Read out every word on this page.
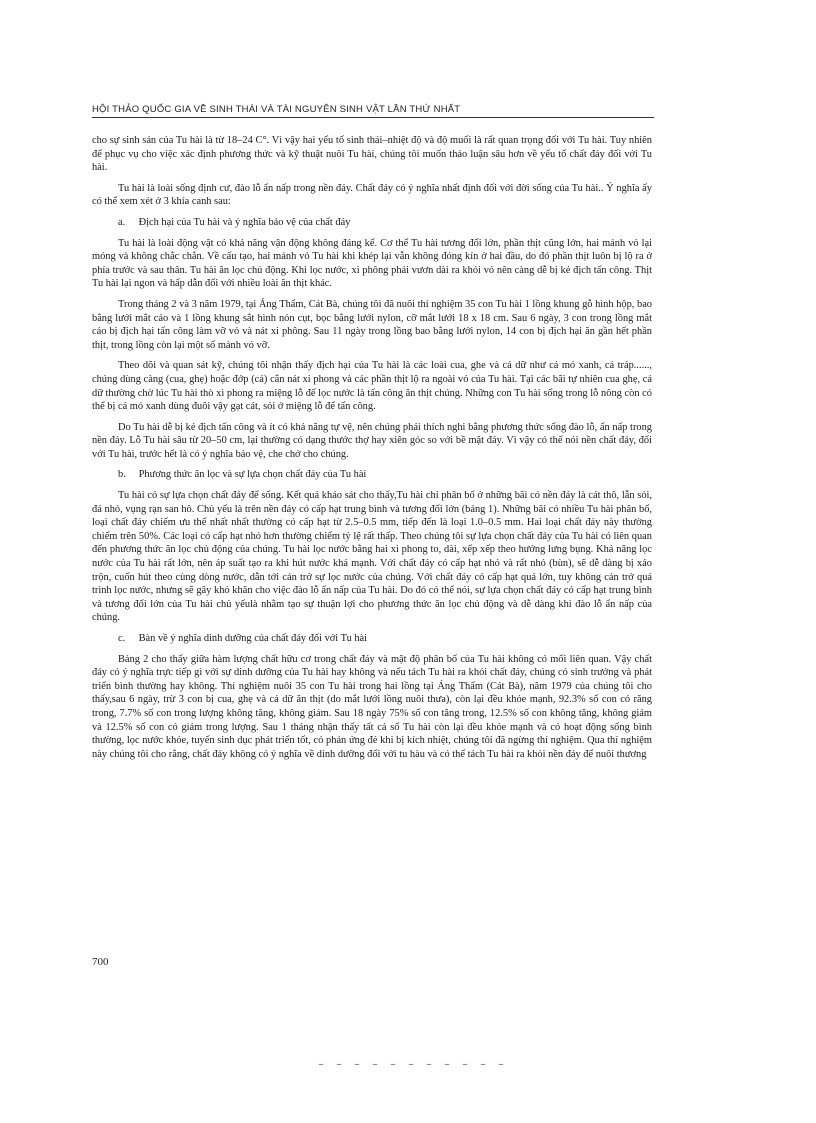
HỘI THẢO QUỐC GIA VỀ SINH THÁI VÀ TÀI NGUYÊN SINH VẬT LẦN THỨ NHẤT

cho sự sinh sản của Tu hài là từ 18–24 C°. Vì vậy hai yếu tố sinh thái–nhiệt độ và độ muối là rất quan trọng đối với Tu hài. Tuy nhiên để phục vụ cho việc xác định phương thức và kỹ thuật nuôi Tu hài, chúng tôi muốn thảo luận sâu hơn về yếu tố chất đáy đối với Tu hài.

Tu hài là loài sống định cư, đào lỗ ẩn nấp trong nền đáy. Chất đáy có ý nghĩa nhất định đối với đời sống của Tu hài.. Ý nghĩa ấy có thể xem xét ở 3 khía canh sau:

a. Địch hại của Tu hài và ý nghĩa bảo vệ của chất đáy

Tu hài là loài động vật có khả năng vận động không đáng kể. Cơ thể Tu hài tương đối lớn, phần thịt cũng lớn, hai mảnh vỏ lại mỏng và không chắc chắn. Về cấu tạo, hai mảnh vỏ Tu hài khi khép lại vẫn không đóng kín ở hai đầu, do đó phần thịt luôn bị lộ ra ở phía trước và sau thân. Tu hài ăn lọc chủ động. Khi lọc nước, xi phông phải vươn dài ra khỏi vỏ nên càng dễ bị kẻ địch tấn công. Thịt Tu hài lại ngon và hấp dẫn đối với nhiều loài ăn thịt khác.

Trong tháng 2 và 3 năm 1979, tại Áng Thẩm, Cát Bà, chúng tôi đã nuôi thí nghiệm 35 con Tu hài 1 lồng khung gỗ hình hộp, bao bằng lưới mắt cáo và 1 lồng khung sắt hình nón cụt, bọc bằng lưới nylon, cỡ mắt lưới 18 x 18 cm. Sau 6 ngày, 3 con trong lồng mắt cáo bị địch hại tấn công làm vỡ vỏ và nát xi phông. Sau 11 ngày trong lồng bao bằng lưới nylon, 14 con bị địch hại ăn gần hết phần thịt, trong lồng còn lại một số mảnh vỏ vỡ.

Theo dõi và quan sát kỹ, chúng tôi nhận thấy địch hại của Tu hài là các loài cua, ghe và cá dữ như cá mó xanh, cá tráp......, chúng dùng càng (cua, ghẹ) hoặc đớp (cá) cắn nát xi phong và các phần thịt lộ ra ngoài vỏ của Tu hài. Tại các bãi tự nhiên cua ghẹ, cá dữ thường chờ lúc Tu hài thò xi phong ra miệng lỗ để lọc nước là tấn công ăn thịt chúng. Những con Tu hài sống trong lỗ nông còn có thể bị cá mó xanh dùng đuôi vậy gạt cát, sỏi ở miệng lỗ để tấn công.

Do Tu hài dễ bị kẻ địch tấn công và ít có khả năng tự vệ, nên chúng phải thích nghi bằng phương thức sống đào lỗ, ẩn nấp trong nền đáy. Lỗ Tu hài sâu từ 20–50 cm, lại thường có dạng thước thợ hay xiên góc so với bề mặt đáy. Vì vậy có thể nói nền chất đáy, đối với Tu hài, trước hết là có ý nghĩa bảo vệ, che chở cho chúng.

b. Phương thức ăn lọc và sự lựa chọn chất đáy của Tu hài

Tu hài có sự lựa chọn chất đáy để sống. Kết quả khảo sát cho thấy,Tu hài chỉ phân bố ở những bãi có nền đáy là cát thô, lẫn sỏi, đá nhỏ, vụng rạn san hô. Chủ yếu là trên nền đáy có cấp hạt trung bình và tương đối lớn (bảng 1). Những bãi có nhiều Tu hài phân bố, loại chất đáy chiếm ưu thế nhất nhất thường có cấp hạt từ 2.5–0.5 mm, tiếp đến là loại 1.0–0.5 mm. Hai loại chất đáy này thường chiếm trên 50%. Các loại có cấp hạt nhỏ hơn thường chiếm tỷ lệ rất thấp. Theo chúng tôi sự lựa chọn chất đáy của Tu hài có liên quan đến phương thức ăn lọc chủ động của chúng. Tu hài lọc nước bằng hai xi phong to, dài, xếp xếp theo hướng lưng bụng. Khả năng lọc nước của Tu hài rất lớn, nên áp suất tạo ra khi hút nước khá mạnh. Với chất đáy có cấp hạt nhỏ và rất nhỏ (bùn), sẽ dễ dàng bị xáo trộn, cuốn hút theo cùng dòng nước, dẫn tới cản trở sự lọc nước của chúng. Với chất đáy có cấp hạt quá lớn, tuy không cản trở quá trình lọc nước, nhưng sẽ gây khó khăn cho việc đào lỗ ẩn nấp của Tu hài. Do đó có thể nói, sự lựa chọn chất đáy có cấp hạt trung bình và tương đối lớn của Tu hài chủ yếulà nhằm tạo sự thuận lợi cho phương thức ăn lọc chủ động và dễ dàng khi đào lỗ ẩn nấp của chúng.

c. Bàn về ý nghĩa dinh dưỡng của chất đáy đối với Tu hài

Bảng 2 cho thấy giữa hàm lượng chất hữu cơ trong chất đáy và mật độ phân bố của Tu hài không có mối liên quan. Vậy chất đáy có ý nghĩa trực tiếp gì với sự dinh dưỡng của Tu hài hay không và nếu tách Tu hài ra khỏi chất đáy, chúng có sinh trưởng và phát triển bình thường hay không. Thí nghiệm nuôi 35 con Tu hài trong hai lồng tại Áng Thẩm (Cát Bà), năm 1979 của chúng tôi cho thấy,sau 6 ngày, trừ 3 con bị cua, ghẹ và cá dữ ăn thịt (do mắt lưới lồng nuôi thưa), còn lại đều khỏe mạnh, 92.3% số con có răng trong, 7.7% số con trong lượng không tăng, không giảm. Sau 18 ngày 75% số con tăng trong, 12.5% số con không tăng, không giảm và 12.5% số con có giảm trong lượng. Sau 1 tháng nhận thấy tất cả số Tu hài còn lại đều khỏe mạnh và có hoạt động sống bình thường, lọc nước khỏe, tuyến sinh dục phát triển tốt, có phản ứng đẻ khi bị kích nhiệt, chúng tôi đã ngừng thí nghiệm. Qua thí nghiệm này chúng tôi cho rằng, chất đáy không có ý nghĩa về dinh dưỡng đối với tu hàu và có thể tách Tu hài ra khỏi nền đáy để nuôi thương

700
– – – – – – – – – – –
